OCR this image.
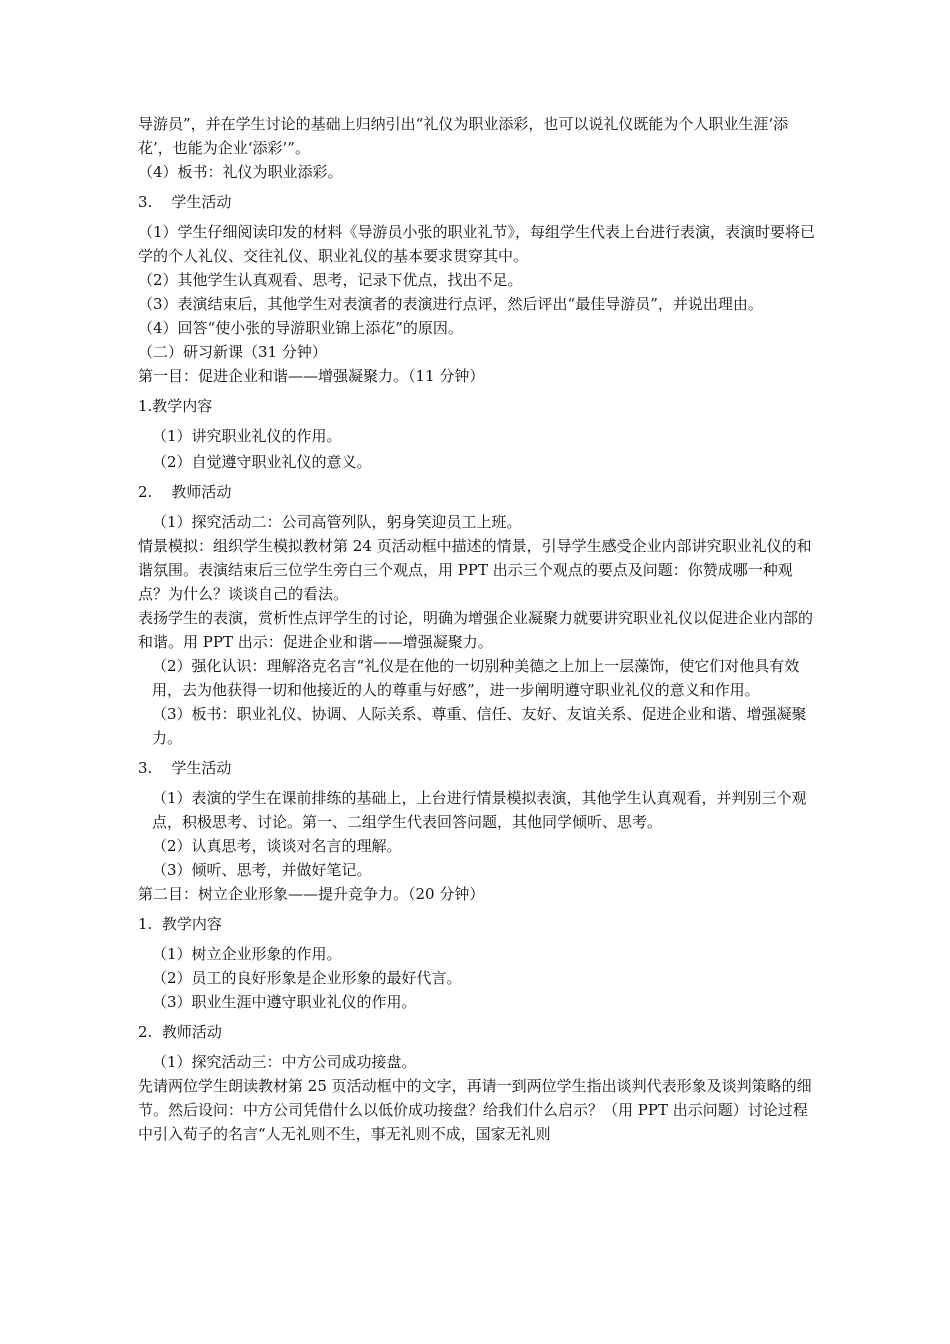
导游员”，并在学生讨论的基础上归纳引出“礼仪为职业添彩，也可以说礼仪既能为个人职业生涯‘添花’，也能为企业‘添彩’”。

（4）板书：礼仪为职业添彩。

3.    学生活动

（1）学生仔细阅读印发的材料《导游员小张的职业礼节》，每组学生代表上台进行表演，表演时要将已学的个人礼仪、交往礼仪、职业礼仪的基本要求贯穿其中。

（2）其他学生认真观看、思考，记录下优点，找出不足。

（3）表演结束后，其他学生对表演者的表演进行点评，然后评出“最佳导游员”，并说出理由。

（4）回答“使小张的导游职业锦上添花”的原因。

（二）研习新课（31 分钟）

第一目：促进企业和谐——增强凝聚力。（11 分钟）

1.教学内容

（1）讲究职业礼仪的作用。

（2）自觉遵守职业礼仪的意义。

2.    教师活动

（1）探究活动二：公司高管列队，躬身笑迎员工上班。

情景模拟：组织学生模拟教材第 24 页活动框中描述的情景，引导学生感受企业内部讲究职业礼仪的和谐氛围。表演结束后三位学生旁白三个观点，用 PPT 出示三个观点的要点及问题：你赞成哪一种观点？为什么？谈谈自己的看法。

表扬学生的表演，赏析性点评学生的讨论，明确为增强企业凝聚力就要讲究职业礼仪以促进企业内部的和谐。用 PPT 出示：促进企业和谐——增强凝聚力。

（2）强化认识：理解洛克名言“礼仪是在他的一切别种美德之上加上一层藻饰，使它们对他具有效用，去为他获得一切和他接近的人的尊重与好感”，进一步阐明遵守职业礼仪的意义和作用。

（3）板书：职业礼仪、协调、人际关系、尊重、信任、友好、友谊关系、促进企业和谐、增强凝聚力。

3.    学生活动

（1）表演的学生在课前排练的基础上，上台进行情景模拟表演，其他学生认真观看，并判别三个观点，积极思考、讨论。第一、二组学生代表回答问题，其他同学倾听、思考。

（2）认真思考，谈谈对名言的理解。

（3）倾听、思考，并做好笔记。

第二目：树立企业形象——提升竞争力。（20 分钟）

1.  教学内容

（1）树立企业形象的作用。

（2）员工的良好形象是企业形象的最好代言。

（3）职业生涯中遵守职业礼仪的作用。

2.  教师活动

（1）探究活动三：中方公司成功接盘。

先请两位学生朗读教材第 25 页活动框中的文字，再请一到两位学生指出谈判代表形象及谈判策略的细节。然后设问：中方公司凭借什么以低价成功接盘？给我们什么启示？（用 PPT 出示问题）讨论过程中引入荀子的名言“人无礼则不生，事无礼则不成，国家无礼则
